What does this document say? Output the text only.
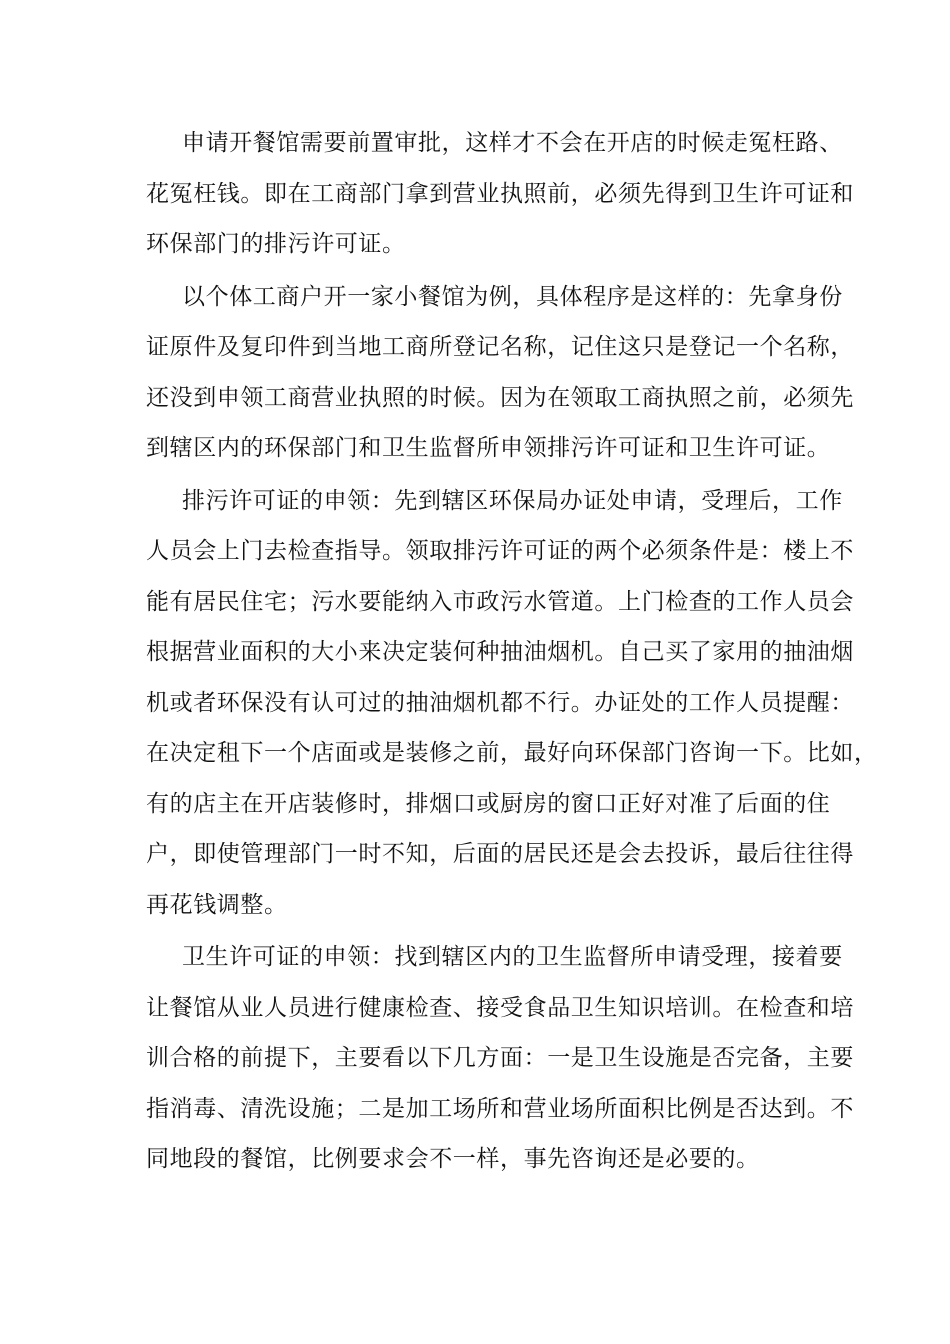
申请开餐馆需要前置审批，这样才不会在开店的时候走冤枉路、
花冤枉钱。即在工商部门拿到营业执照前，必须先得到卫生许可证和
环保部门的排污许可证。
以个体工商户开一家小餐馆为例，具体程序是这样的：先拿身份
证原件及复印件到当地工商所登记名称，记住这只是登记一个名称，
还没到申领工商营业执照的时候。因为在领取工商执照之前，必须先
到辖区内的环保部门和卫生监督所申领排污许可证和卫生许可证。
排污许可证的申领：先到辖区环保局办证处申请，受理后，工作
人员会上门去检查指导。领取排污许可证的两个必须条件是：楼上不
能有居民住宅；污水要能纳入市政污水管道。上门检查的工作人员会
根据营业面积的大小来决定装何种抽油烟机。自己买了家用的抽油烟
机或者环保没有认可过的抽油烟机都不行。办证处的工作人员提醒：
在决定租下一个店面或是装修之前，最好向环保部门咨询一下。比如，
有的店主在开店装修时，排烟口或厨房的窗口正好对准了后面的住
户，即使管理部门一时不知，后面的居民还是会去投诉，最后往往得
再花钱调整。
卫生许可证的申领：找到辖区内的卫生监督所申请受理，接着要
让餐馆从业人员进行健康检查、接受食品卫生知识培训。在检查和培
训合格的前提下，主要看以下几方面：一是卫生设施是否完备，主要
指消毒、清洗设施；二是加工场所和营业场所面积比例是否达到。不
同地段的餐馆，比例要求会不一样，事先咨询还是必要的。
